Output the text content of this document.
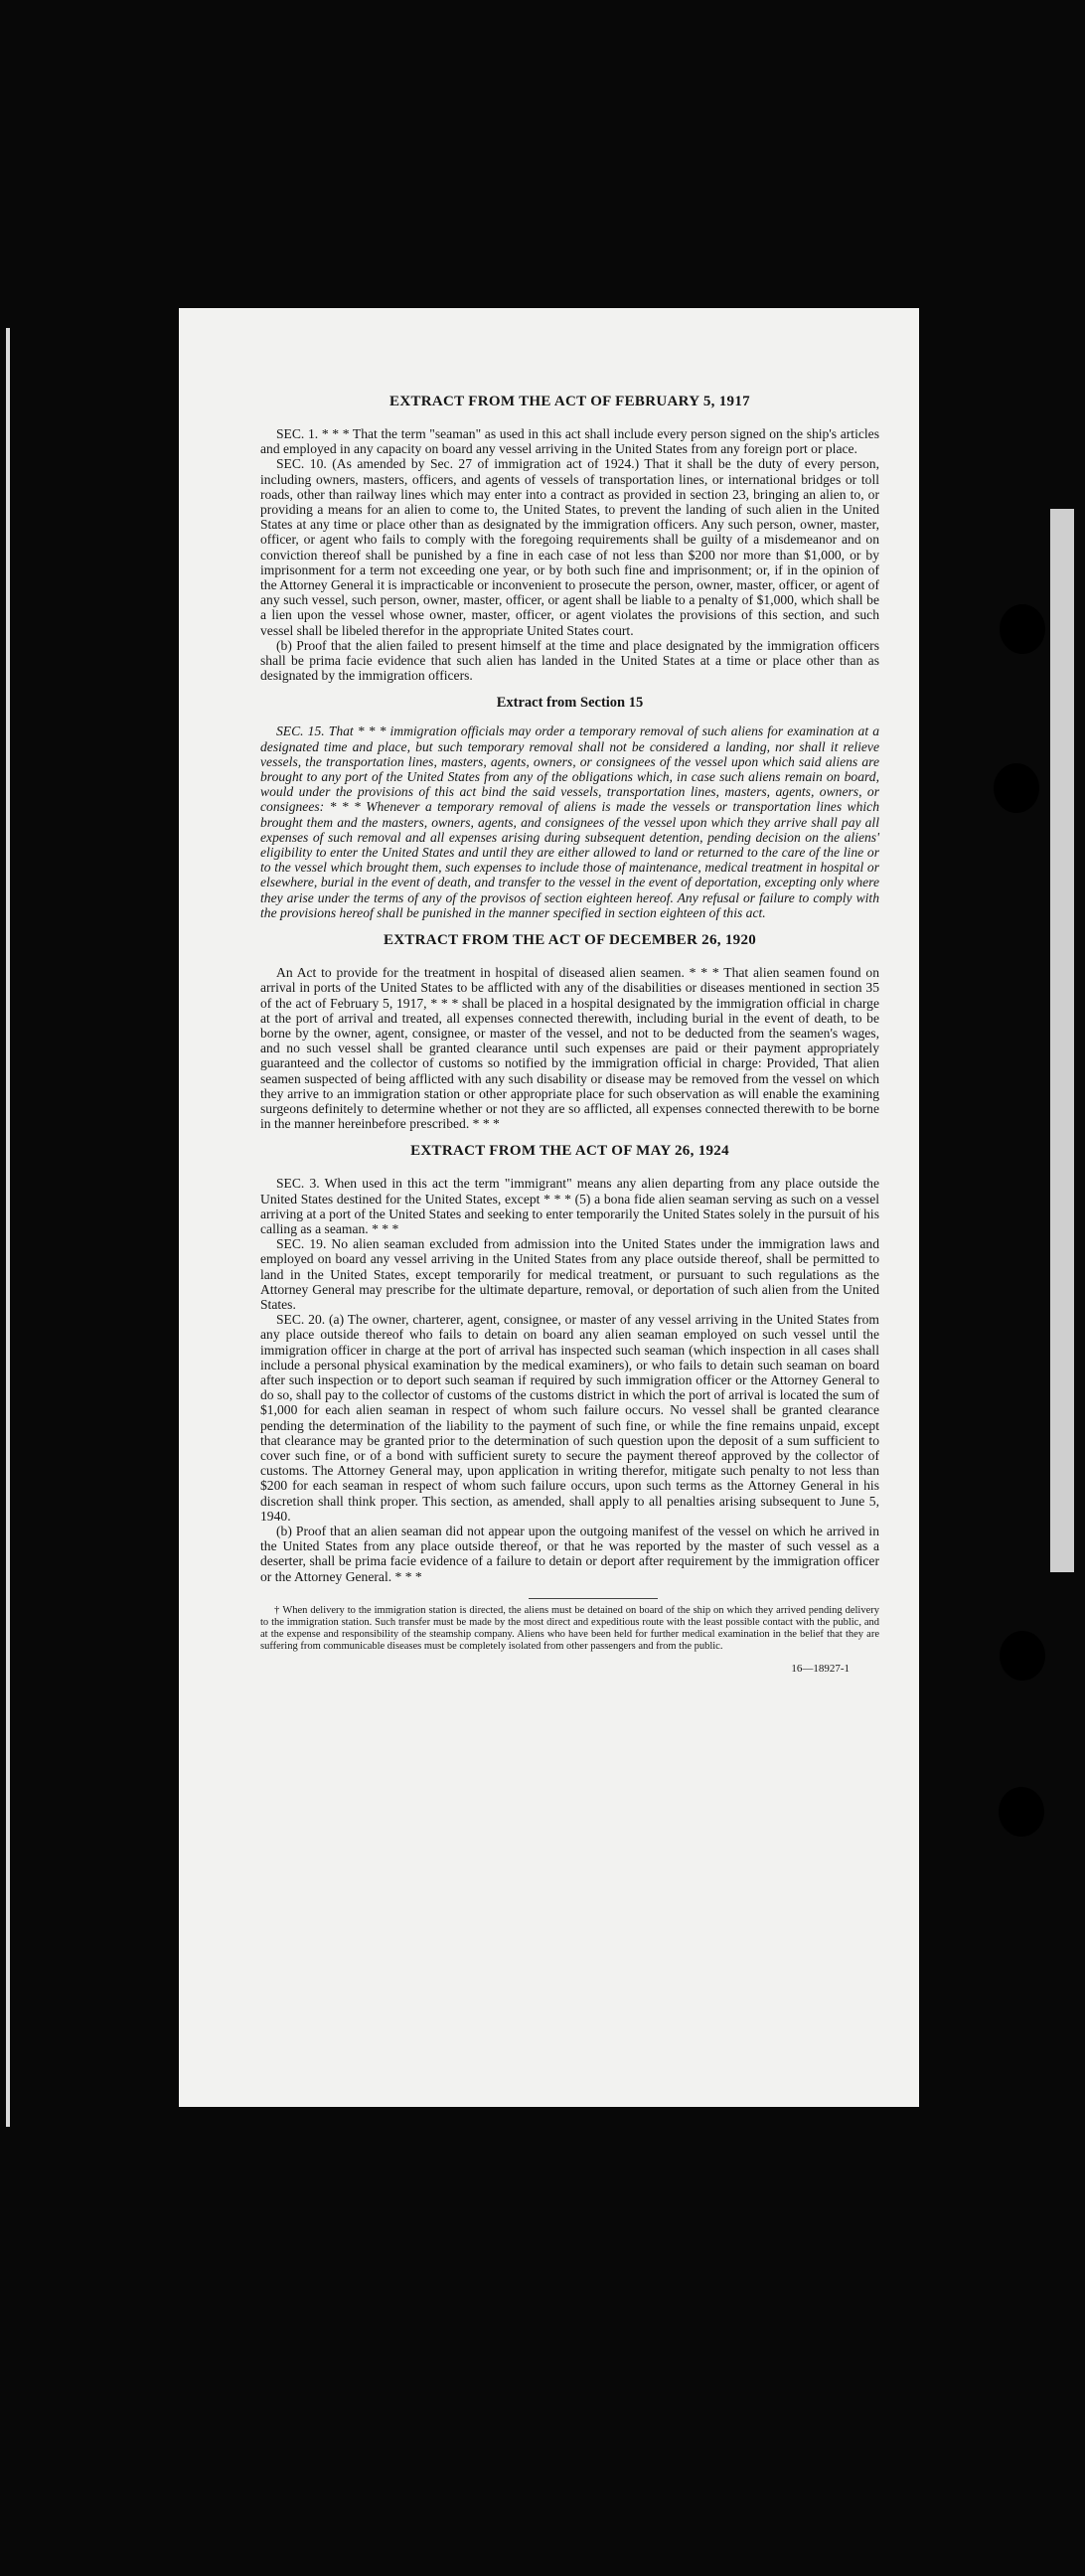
EXTRACT FROM THE ACT OF FEBRUARY 5, 1917

SEC. 1. * * * That the term "seaman" as used in this act shall include every person signed on the ship's articles and employed in any capacity on board any vessel arriving in the United States from any foreign port or place.

SEC. 10. (As amended by Sec. 27 of immigration act of 1924.) That it shall be the duty of every person, including owners, masters, officers, and agents of vessels of transportation lines, or international bridges or toll roads, other than railway lines which may enter into a contract as provided in section 23, bringing an alien to, or providing a means for an alien to come to, the United States, to prevent the landing of such alien in the United States at any time or place other than as designated by the immigration officers. Any such person, owner, master, officer, or agent who fails to comply with the foregoing requirements shall be guilty of a misdemeanor and on conviction thereof shall be punished by a fine in each case of not less than $200 nor more than $1,000, or by imprisonment for a term not exceeding one year, or by both such fine and imprisonment; or, if in the opinion of the Attorney General it is impracticable or inconvenient to prosecute the person, owner, master, officer, or agent of any such vessel, such person, owner, master, officer, or agent shall be liable to a penalty of $1,000, which shall be a lien upon the vessel whose owner, master, officer, or agent violates the provisions of this section, and such vessel shall be libeled therefor in the appropriate United States court.

(b) Proof that the alien failed to present himself at the time and place designated by the immigration officers shall be prima facie evidence that such alien has landed in the United States at a time or place other than as designated by the immigration officers.

Extract from Section 15

SEC. 15. That * * * immigration officials may order a temporary removal of such aliens for examination at a designated time and place, but such temporary removal shall not be considered a landing, nor shall it relieve vessels, the transportation lines, masters, agents, owners, or consignees of the vessel upon which said aliens are brought to any port of the United States from any of the obligations which, in case such aliens remain on board, would under the provisions of this act bind the said vessels, transportation lines, masters, agents, owners, or consignees: * * * Whenever a temporary removal of aliens is made the vessels or transportation lines which brought them and the masters, owners, agents, and consignees of the vessel upon which they arrive shall pay all expenses of such removal and all expenses arising during subsequent detention, pending decision on the aliens' eligibility to enter the United States and until they are either allowed to land or returned to the care of the line or to the vessel which brought them, such expenses to include those of maintenance, medical treatment in hospital or elsewhere, burial in the event of death, and transfer to the vessel in the event of deportation, excepting only where they arise under the terms of any of the provisos of section eighteen hereof. Any refusal or failure to comply with the provisions hereof shall be punished in the manner specified in section eighteen of this act.

EXTRACT FROM THE ACT OF DECEMBER 26, 1920

An Act to provide for the treatment in hospital of diseased alien seamen. * * * That alien seamen found on arrival in ports of the United States to be afflicted with any of the disabilities or diseases mentioned in section 35 of the act of February 5, 1917, * * * shall be placed in a hospital designated by the immigration official in charge at the port of arrival and treated, all expenses connected therewith, including burial in the event of death, to be borne by the owner, agent, consignee, or master of the vessel, and not to be deducted from the seamen's wages, and no such vessel shall be granted clearance until such expenses are paid or their payment appropriately guaranteed and the collector of customs so notified by the immigration official in charge: Provided, That alien seamen suspected of being afflicted with any such disability or disease may be removed from the vessel on which they arrive to an immigration station or other appropriate place for such observation as will enable the examining surgeons definitely to determine whether or not they are so afflicted, all expenses connected therewith to be borne in the manner hereinbefore prescribed. * * *

EXTRACT FROM THE ACT OF MAY 26, 1924

SEC. 3. When used in this act the term "immigrant" means any alien departing from any place outside the United States destined for the United States, except * * * (5) a bona fide alien seaman serving as such on a vessel arriving at a port of the United States and seeking to enter temporarily the United States solely in the pursuit of his calling as a seaman. * * *

SEC. 19. No alien seaman excluded from admission into the United States under the immigration laws and employed on board any vessel arriving in the United States from any place outside thereof, shall be permitted to land in the United States, except temporarily for medical treatment, or pursuant to such regulations as the Attorney General may prescribe for the ultimate departure, removal, or deportation of such alien from the United States.

SEC. 20. (a) The owner, charterer, agent, consignee, or master of any vessel arriving in the United States from any place outside thereof who fails to detain on board any alien seaman employed on such vessel until the immigration officer in charge at the port of arrival has inspected such seaman (which inspection in all cases shall include a personal physical examination by the medical examiners), or who fails to detain such seaman on board after such inspection or to deport such seaman if required by such immigration officer or the Attorney General to do so, shall pay to the collector of customs of the customs district in which the port of arrival is located the sum of $1,000 for each alien seaman in respect of whom such failure occurs. No vessel shall be granted clearance pending the determination of the liability to the payment of such fine, or while the fine remains unpaid, except that clearance may be granted prior to the determination of such question upon the deposit of a sum sufficient to cover such fine, or of a bond with sufficient surety to secure the payment thereof approved by the collector of customs. The Attorney General may, upon application in writing therefor, mitigate such penalty to not less than $200 for each seaman in respect of whom such failure occurs, upon such terms as the Attorney General in his discretion shall think proper. This section, as amended, shall apply to all penalties arising subsequent to June 5, 1940.

(b) Proof that an alien seaman did not appear upon the outgoing manifest of the vessel on which he arrived in the United States from any place outside thereof, or that he was reported by the master of such vessel as a deserter, shall be prima facie evidence of a failure to detain or deport after requirement by the immigration officer or the Attorney General. * * *

† When delivery to the immigration station is directed, the aliens must be detained on board of the ship on which they arrived pending delivery to the immigration station. Such transfer must be made by the most direct and expeditious route with the least possible contact with the public, and at the expense and responsibility of the steamship company. Aliens who have been held for further medical examination in the belief that they are suffering from communicable diseases must be completely isolated from other passengers and from the public.

16—18927-1
